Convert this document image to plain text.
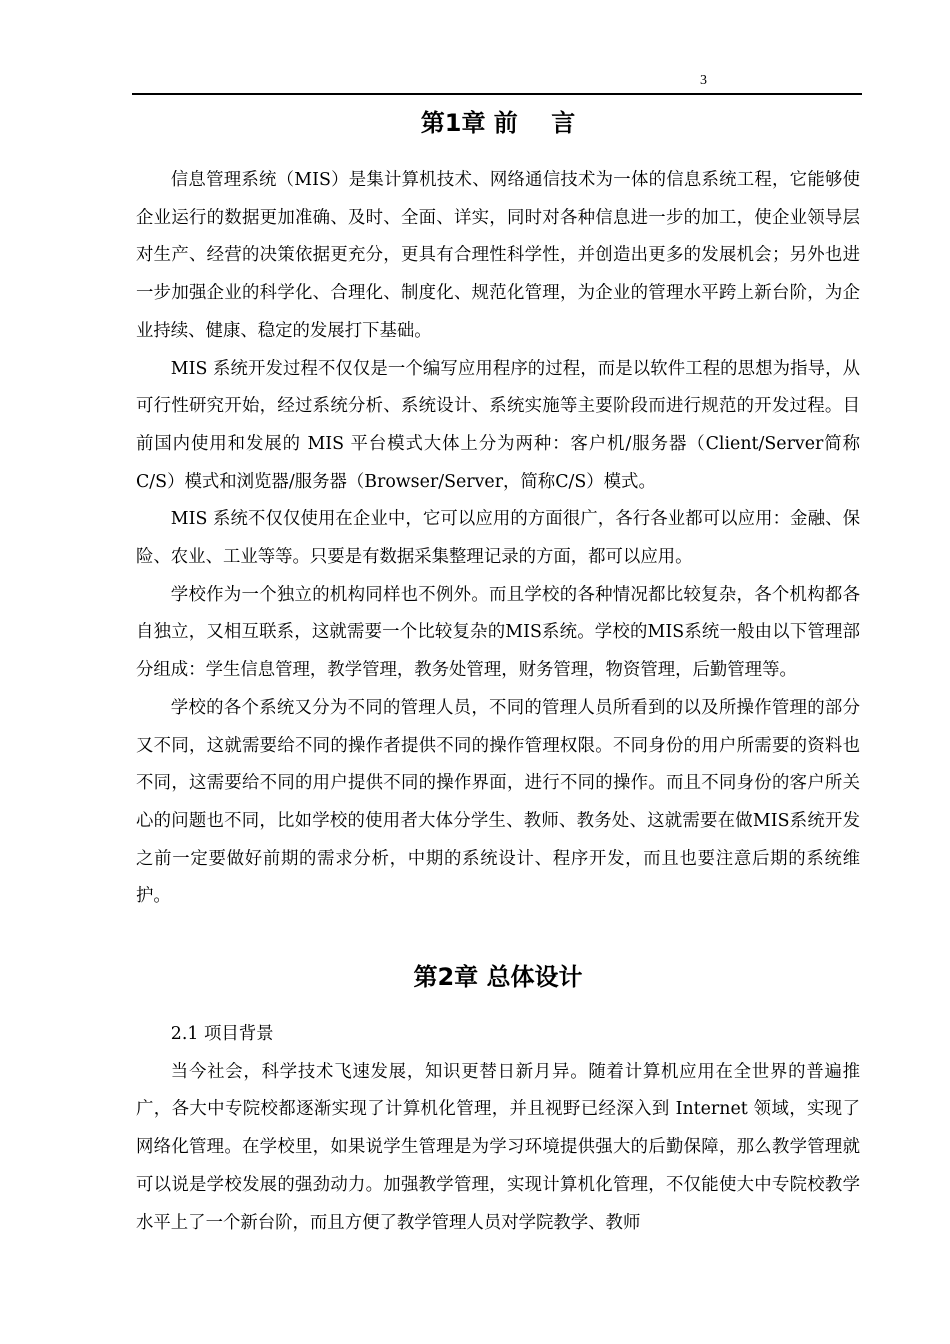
3
第1章 前    言

信息管理系统（MIS）是集计算机技术、网络通信技术为一体的信息系统工程，它能够使企业运行的数据更加准确、及时、全面、详实，同时对各种信息进一步的加工，使企业领导层对生产、经营的决策依据更充分，更具有合理性科学性，并创造出更多的发展机会；另外也进一步加强企业的科学化、合理化、制度化、规范化管理，为企业的管理水平跨上新台阶，为企业持续、健康、稳定的发展打下基础。

MIS 系统开发过程不仅仅是一个编写应用程序的过程，而是以软件工程的思想为指导，从可行性研究开始，经过系统分析、系统设计、系统实施等主要阶段而进行规范的开发过程。目前国内使用和发展的 MIS 平台模式大体上分为两种：客户机/服务器（Client/Server简称C/S）模式和浏览器/服务器（Browser/Server，简称C/S）模式。

MIS 系统不仅仅使用在企业中，它可以应用的方面很广，各行各业都可以应用：金融、保险、农业、工业等等。只要是有数据采集整理记录的方面，都可以应用。

学校作为一个独立的机构同样也不例外。而且学校的各种情况都比较复杂，各个机构都各自独立，又相互联系，这就需要一个比较复杂的MIS系统。学校的MIS系统一般由以下管理部分组成：学生信息管理，教学管理，教务处管理，财务管理，物资管理，后勤管理等。

学校的各个系统又分为不同的管理人员，不同的管理人员所看到的以及所操作管理的部分又不同，这就需要给不同的操作者提供不同的操作管理权限。不同身份的用户所需要的资料也不同，这需要给不同的用户提供不同的操作界面，进行不同的操作。而且不同身份的客户所关心的问题也不同，比如学校的使用者大体分学生、教师、教务处、这就需要在做MIS系统开发之前一定要做好前期的需求分析，中期的系统设计、程序开发，而且也要注意后期的系统维护。

第2章 总体设计

2.1 项目背景

当今社会，科学技术飞速发展，知识更替日新月异。随着计算机应用在全世界的普遍推广，各大中专院校都逐渐实现了计算机化管理，并且视野已经深入到 Internet 领域，实现了网络化管理。在学校里，如果说学生管理是为学习环境提供强大的后勤保障，那么教学管理就可以说是学校发展的强劲动力。加强教学管理，实现计算机化管理，不仅能使大中专院校教学水平上了一个新台阶，而且方便了教学管理人员对学院教学、教师
